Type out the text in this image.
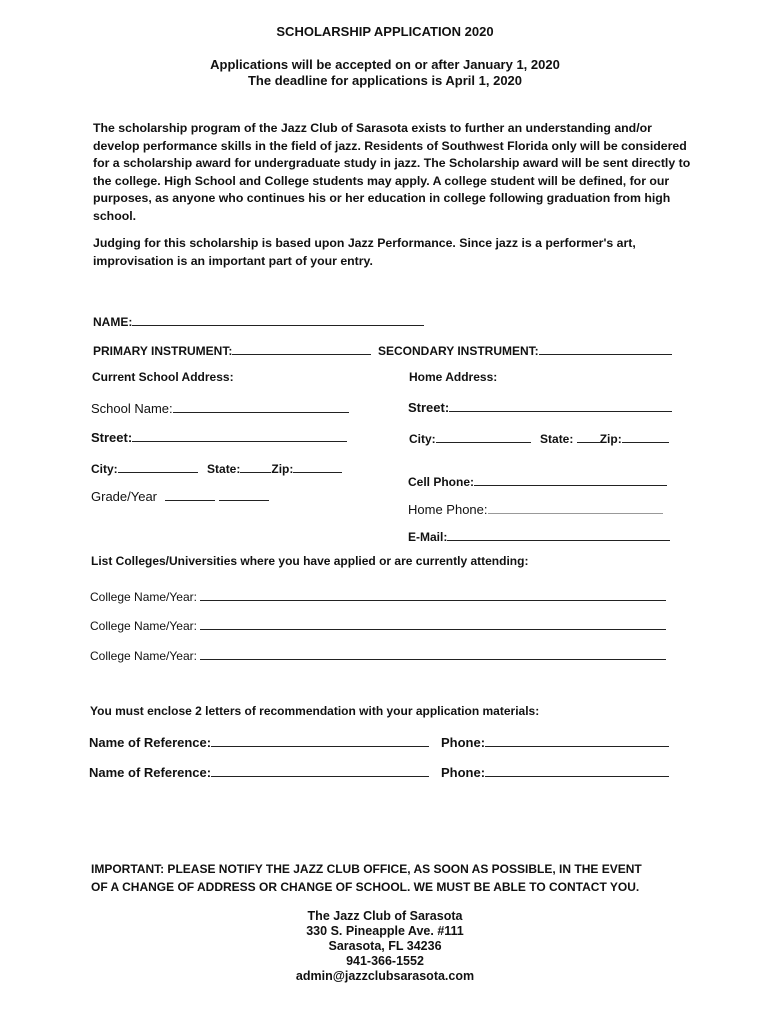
SCHOLARSHIP APPLICATION 2020
Applications will be accepted on or after January 1, 2020
The deadline for applications is April 1, 2020
The scholarship program of the Jazz Club of Sarasota exists to further an understanding and/or develop performance skills in the field of jazz. Residents of Southwest Florida only will be considered for a scholarship award for undergraduate study in jazz. The Scholarship award will be sent directly to the college. High School and College students may apply. A college student will be defined, for our purposes, as anyone who continues his or her education in college following graduation from high school.
Judging for this scholarship is based upon Jazz Performance. Since jazz is a performer's art, improvisation is an important part of your entry.
NAME:
PRIMARY INSTRUMENT:	SECONDARY INSTRUMENT:
Current School Address:	Home Address:
School Name:	Street:
Street:	City:	State: Zip:
City:	State:	Zip:
Cell Phone:
Grade/Year
Home Phone:
E-Mail:
List Colleges/Universities where you have applied or are currently attending:
College Name/Year:
College Name/Year:
College Name/Year:
You must enclose 2 letters of recommendation with your application materials:
Name of Reference:	Phone:
Name of Reference:	Phone:
IMPORTANT: PLEASE NOTIFY THE JAZZ CLUB OFFICE, AS SOON AS POSSIBLE, IN THE EVENT
OF A CHANGE OF ADDRESS OR CHANGE OF SCHOOL. WE MUST BE ABLE TO CONTACT YOU.
The Jazz Club of Sarasota
330 S. Pineapple Ave. #111
Sarasota, FL 34236
941-366-1552
admin@jazzclubsarasota.com
